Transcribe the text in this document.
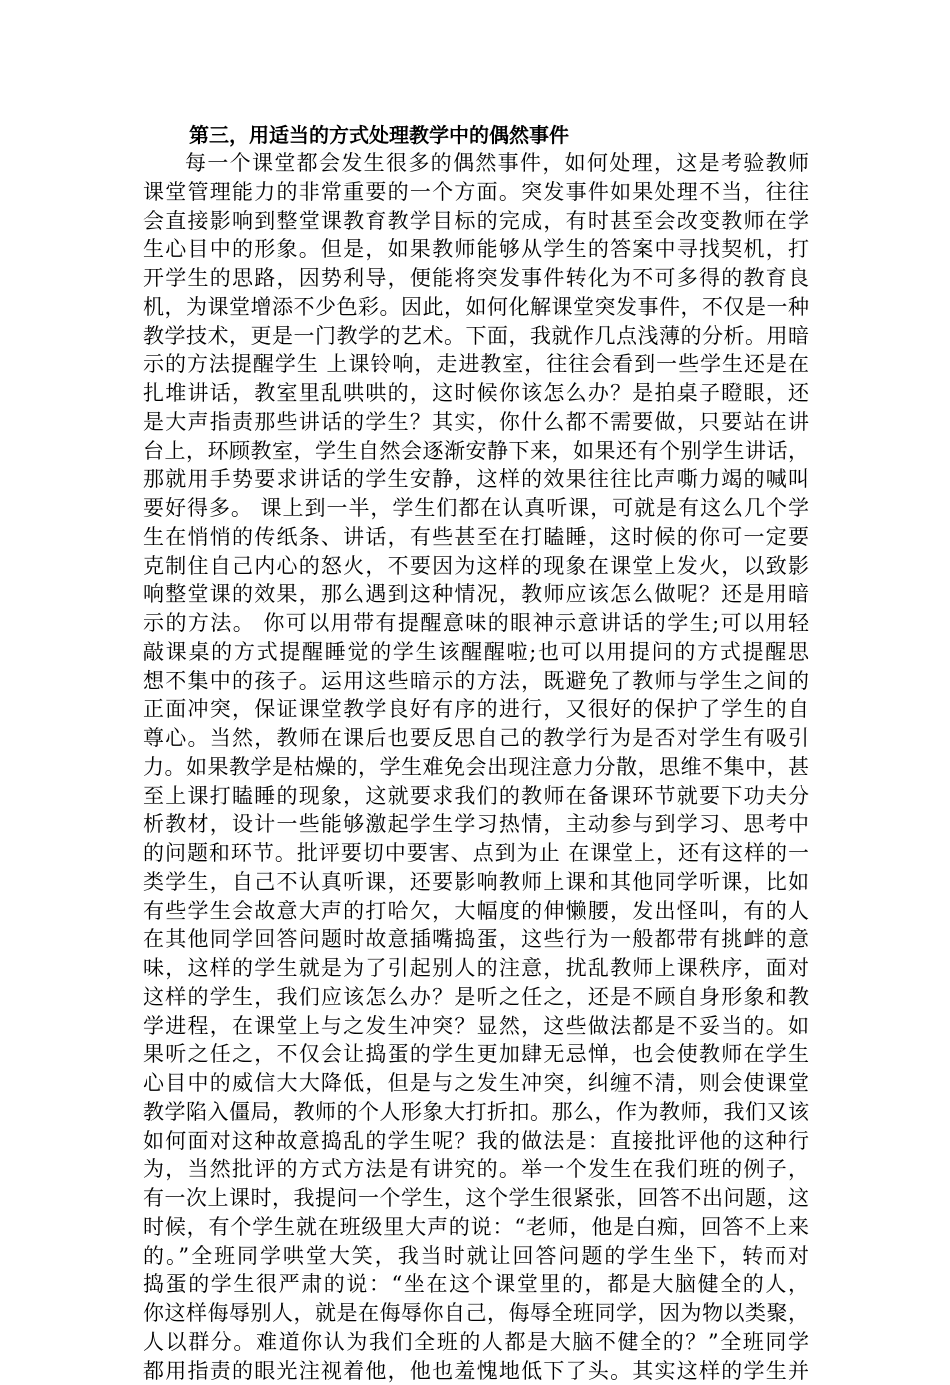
第三，用适当的方式处理教学中的偶然事件
每一个课堂都会发生很多的偶然事件，如何处理，这是考验教师
课堂管理能力的非常重要的一个方面。突发事件如果处理不当，往往
会直接影响到整堂课教育教学目标的完成，有时甚至会改变教师在学
生心目中的形象。但是，如果教师能够从学生的答案中寻找契机，打
开学生的思路，因势利导，便能将突发事件转化为不可多得的教育良
机，为课堂增添不少色彩。因此，如何化解课堂突发事件，不仅是一种
教学技术，更是一门教学的艺术。下面，我就作几点浅薄的分析。用暗
示的方法提醒学生 上课铃响，走进教室，往往会看到一些学生还是在
扎堆讲话，教室里乱哄哄的，这时候你该怎么办？是拍桌子瞪眼，还
是大声指责那些讲话的学生？其实，你什么都不需要做，只要站在讲
台上，环顾教室，学生自然会逐渐安静下来，如果还有个别学生讲话，
那就用手势要求讲话的学生安静，这样的效果往往比声嘶力竭的喊叫
要好得多。 课上到一半，学生们都在认真听课，可就是有这么几个学
生在悄悄的传纸条、讲话，有些甚至在打瞌睡，这时候的你可一定要
克制住自己内心的怒火，不要因为这样的现象在课堂上发火，以致影
响整堂课的效果，那么遇到这种情况，教师应该怎么做呢？还是用暗
示的方法。 你可以用带有提醒意味的眼神示意讲话的学生;可以用轻
敲课桌的方式提醒睡觉的学生该醒醒啦;也可以用提问的方式提醒思
想不集中的孩子。运用这些暗示的方法，既避免了教师与学生之间的
正面冲突，保证课堂教学良好有序的进行，又很好的保护了学生的自
尊心。当然，教师在课后也要反思自己的教学行为是否对学生有吸引
力。如果教学是枯燥的，学生难免会出现注意力分散，思维不集中，甚
至上课打瞌睡的现象，这就要求我们的教师在备课环节就要下功夫分
析教材，设计一些能够激起学生学习热情，主动参与到学习、思考中
的问题和环节。批评要切中要害、点到为止 在课堂上，还有这样的一
类学生，自己不认真听课，还要影响教师上课和其他同学听课，比如
有些学生会故意大声的打哈欠，大幅度的伸懒腰，发出怪叫，有的人
在其他同学回答问题时故意插嘴捣蛋，这些行为一般都带有挑衅的意
味，这样的学生就是为了引起别人的注意，扰乱教师上课秩序，面对
这样的学生，我们应该怎么办？是听之任之，还是不顾自身形象和教
学进程，在课堂上与之发生冲突？显然，这些做法都是不妥当的。如
果听之任之，不仅会让捣蛋的学生更加肆无忌惮，也会使教师在学生
心目中的威信大大降低，但是与之发生冲突，纠缠不清，则会使课堂
教学陷入僵局，教师的个人形象大打折扣。那么，作为教师，我们又该
如何面对这种故意捣乱的学生呢？我的做法是：直接批评他的这种行
为，当然批评的方式方法是有讲究的。举一个发生在我们班的例子，
有一次上课时，我提问一个学生，这个学生很紧张，回答不出问题，这
时候，有个学生就在班级里大声的说：“老师，他是白痴，回答不上来
的。”全班同学哄堂大笑，我当时就让回答问题的学生坐下，转而对
捣蛋的学生很严肃的说：“坐在这个课堂里的，都是大脑健全的人，
你这样侮辱别人，就是在侮辱你自己，侮辱全班同学，因为物以类聚，
人以群分。难道你认为我们全班的人都是大脑不健全的？”全班同学
都用指责的眼光注视着他，他也羞愧地低下了头。其实这样的学生并
